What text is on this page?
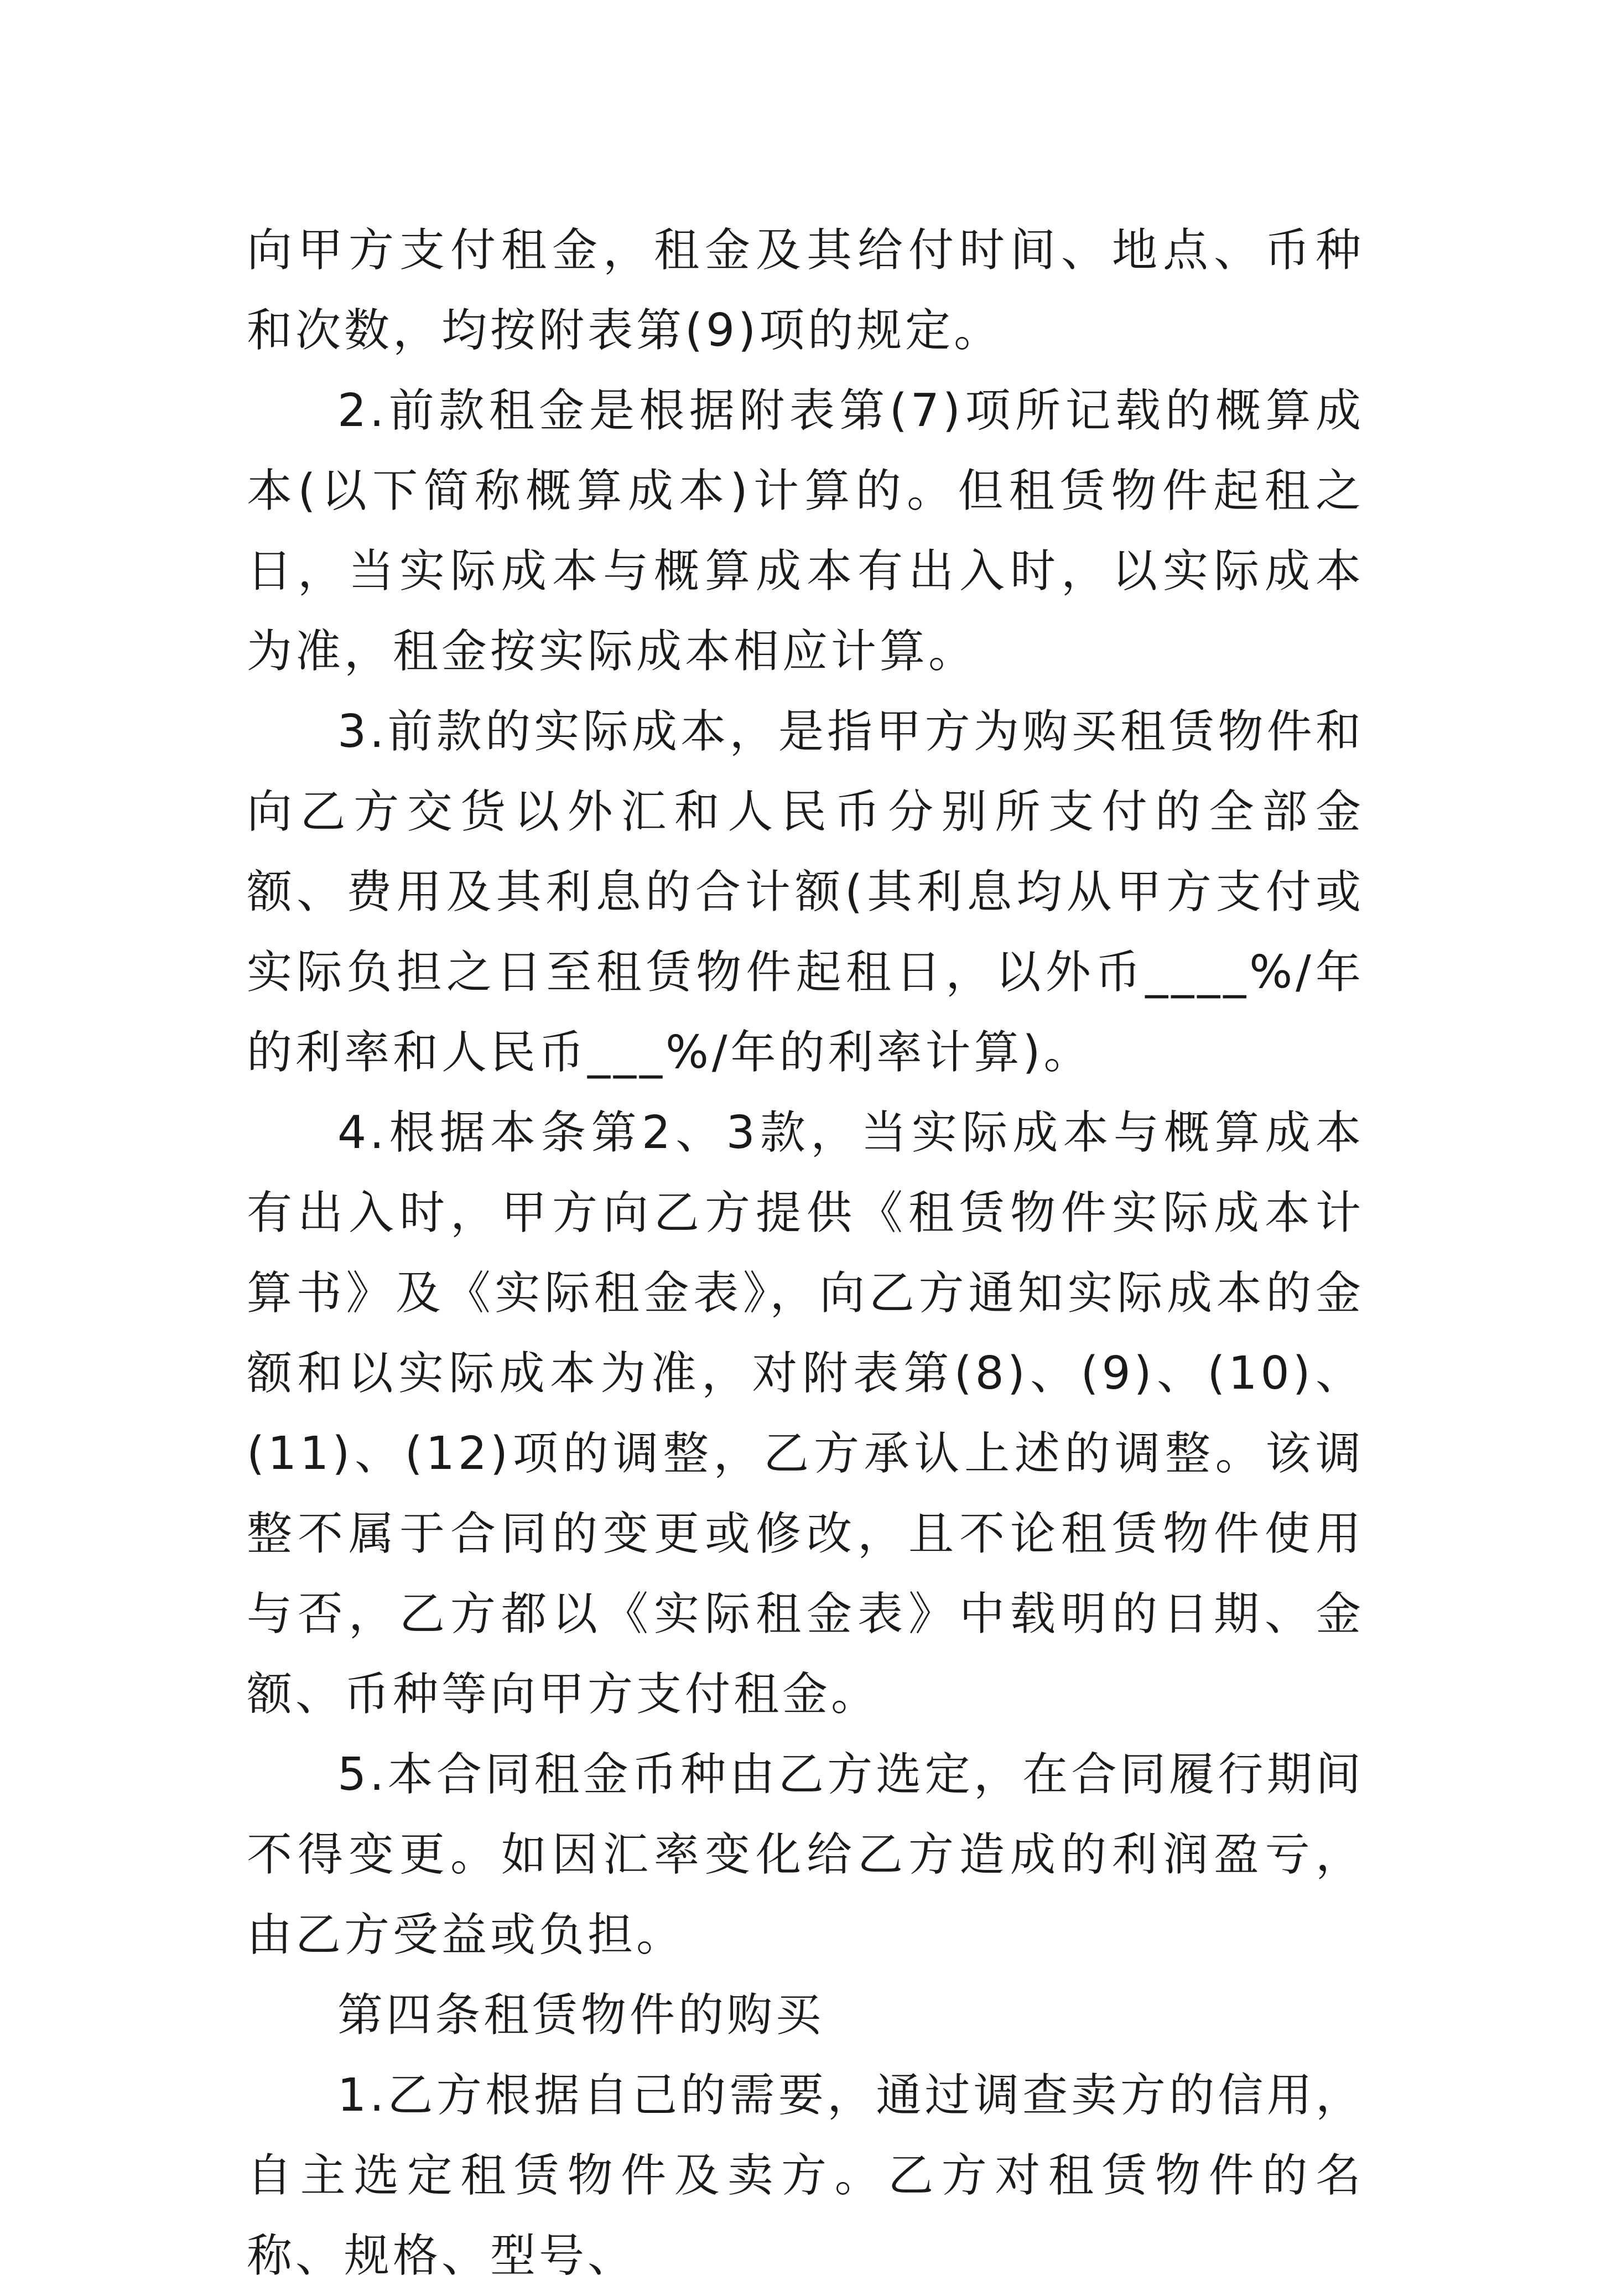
向甲方支付租金，租金及其给付时间、地点、币种和次数，均按附表第(9)项的规定。

2.前款租金是根据附表第(7)项所记载的概算成本(以下简称概算成本)计算的。但租赁物件起租之日，当实际成本与概算成本有出入时，以实际成本为准，租金按实际成本相应计算。

3.前款的实际成本，是指甲方为购买租赁物件和向乙方交货以外汇和人民币分别所支付的全部金额、费用及其利息的合计额(其利息均从甲方支付或实际负担之日至租赁物件起租日，以外币____%/年的利率和人民币___%/年的利率计算)。

4.根据本条第2、3款，当实际成本与概算成本有出入时，甲方向乙方提供《租赁物件实际成本计算书》及《实际租金表》，向乙方通知实际成本的金额和以实际成本为准，对附表第(8)、(9)、(10)、(11)、(12)项的调整，乙方承认上述的调整。该调整不属于合同的变更或修改，且不论租赁物件使用与否，乙方都以《实际租金表》中载明的日期、金额、币种等向甲方支付租金。

5.本合同租金币种由乙方选定，在合同履行期间不得变更。如因汇率变化给乙方造成的利润盈亏，由乙方受益或负担。

第四条租赁物件的购买

1.乙方根据自己的需要，通过调查卖方的信用，自主选定租赁物件及卖方。乙方对租赁物件的名称、规格、型号、
